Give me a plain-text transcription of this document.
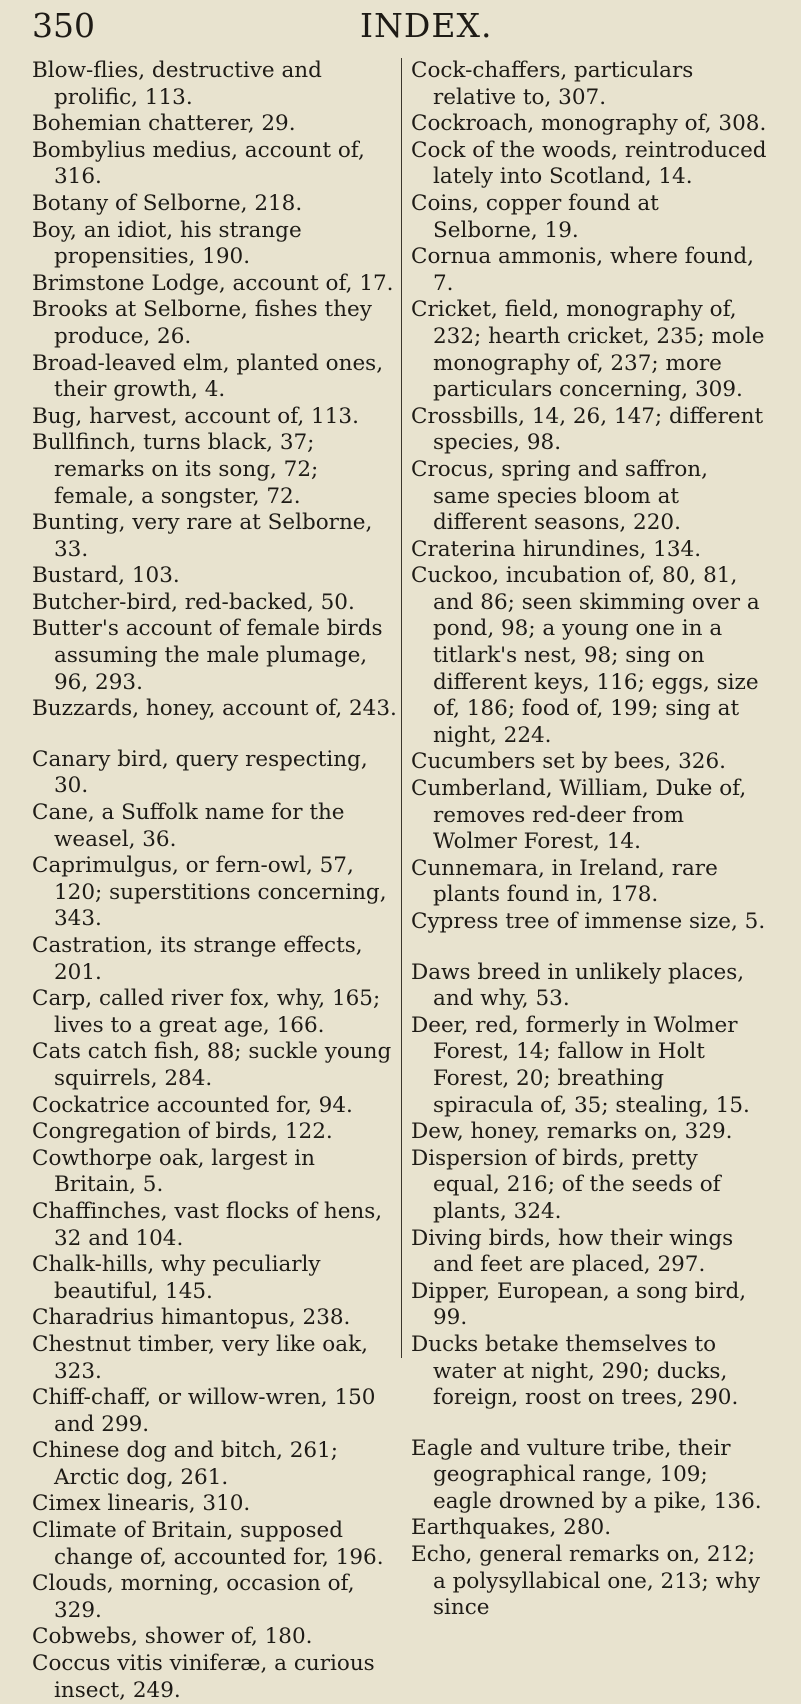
350	INDEX.

Blow-flies, destructive and prolific, 113.

Bohemian chatterer, 29.

Bombylius medius, account of, 316.

Botany of Selborne, 218.

Boy, an idiot, his strange propensities, 190.

Brimstone Lodge, account of, 17.

Brooks at Selborne, fishes they produce, 26.

Broad-leaved elm, planted ones, their growth, 4.

Bug, harvest, account of, 113.

Bullfinch, turns black, 37; remarks on its song, 72; female, a songster, 72.

Bunting, very rare at Selborne, 33.

Bustard, 103.

Butcher-bird, red-backed, 50.

Butter's account of female birds assuming the male plumage, 96, 293.

Buzzards, honey, account of, 243.

Canary bird, query respecting, 30.

Cane, a Suffolk name for the weasel, 36.

Caprimulgus, or fern-owl, 57, 120; superstitions concerning, 343.

Castration, its strange effects, 201.

Carp, called river fox, why, 165; lives to a great age, 166.

Cats catch fish, 88; suckle young squirrels, 284.

Cockatrice accounted for, 94.

Congregation of birds, 122.

Cowthorpe oak, largest in Britain, 5.

Chaffinches, vast flocks of hens, 32 and 104.

Chalk-hills, why peculiarly beautiful, 145.

Charadrius himantopus, 238.

Chestnut timber, very like oak, 323.

Chiff-chaff, or willow-wren, 150 and 299.

Chinese dog and bitch, 261; Arctic dog, 261.

Cimex linearis, 310.

Climate of Britain, supposed change of, accounted for, 196.

Clouds, morning, occasion of, 329.

Cobwebs, shower of, 180.

Coccus vitis viniferæ, a curious insect, 249.

Cock-chaffers, particulars relative to, 307.

Cockroach, monography of, 308.

Cock of the woods, reintroduced lately into Scotland, 14.

Coins, copper found at Selborne, 19.

Cornua ammonis, where found, 7.

Cricket, field, monography of, 232; hearth cricket, 235; mole monography of, 237; more particulars concerning, 309.

Crossbills, 14, 26, 147; different species, 98.

Crocus, spring and saffron, same species bloom at different seasons, 220.

Craterina hirundines, 134.

Cuckoo, incubation of, 80, 81, and 86; seen skimming over a pond, 98; a young one in a titlark's nest, 98; sing on different keys, 116; eggs, size of, 186; food of, 199; sing at night, 224.

Cucumbers set by bees, 326.

Cumberland, William, Duke of, removes red-deer from Wolmer Forest, 14.

Cunnemara, in Ireland, rare plants found in, 178.

Cypress tree of immense size, 5.

Daws breed in unlikely places, and why, 53.

Deer, red, formerly in Wolmer Forest, 14; fallow in Holt Forest, 20; breathing spiracula of, 35; stealing, 15.

Dew, honey, remarks on, 329.

Dispersion of birds, pretty equal, 216; of the seeds of plants, 324.

Diving birds, how their wings and feet are placed, 297.

Dipper, European, a song bird, 99.

Ducks betake themselves to water at night, 290; ducks, foreign, roost on trees, 290.

Eagle and vulture tribe, their geographical range, 109; eagle drowned by a pike, 136.

Earthquakes, 280.

Echo, general remarks on, 212; a polysyllabical one, 213; why since
